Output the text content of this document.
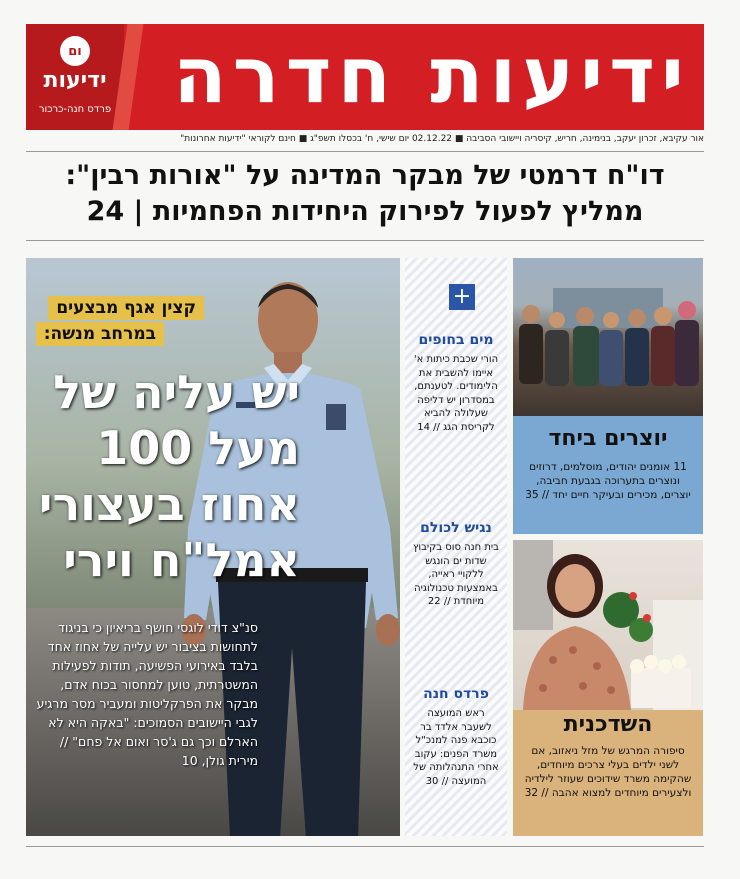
ום
ידיעות
פרדס חנה-כרכור ידיעות חדרה
אור עקיבא, זכרון יעקב, בנימינה, חריש, קיסריה ויישובי הסביבה ■ 02.12.22 יום שישי, ח' בכסלו תשפ"ג ■ חינם לקוראי "ידיעות אחרונות"
דו"ח דרמטי של מבקר המדינה על "אורות רבין":
ממליץ לפעול לפירוק היחידות הפחמיות | 24
קצין אגף מבצעים
במרחב מנשה:
יש עליה של מעל 100 אחוז בעצורי אמל"ח וירי
סנ"צ דודי לוגסי חושף בריאיון כי בניגוד לתחושות בציבור יש עלייה של אחוז אחד בלבד באירועי הפשיעה, תודות לפעילות המשטרתית, טוען למחסור בכוח אדם, מבקר את הפרקליטות ומעביר מסר מרגיע לגבי היישובים הסמוכים: "באקה היא לא הארלם וכך גם ג'סר ואום אל פחם" // מירית גולן, 10
+
מים בחופים

הורי שכבת כיתות א' איימו להשבית את הלימודים. לטענתם, במסדרון יש דליפה שעלולה להביא לקריסת הגג // 14

נגיש לכולם

בית חנה סוס בקיבוץ שדות ים הונגש ללקויי ראייה, באמצעות טכנולוגיה מיוחדת // 22

פרדס חנה

ראש המועצה לשעבר אלדד בר כוכבא פנה למנכ"ל משרד הפנים: עקוב אחרי התנהלותה של המועצה // 30

יוצרים ביחד

11 אומנים יהודים, מוסלמים, דרוזים ונוצרים בתערוכה בגבעת חביבה, יוצרים, מכירים ובעיקר חיים יחד // 35

השדכנית

סיפורה המרגש של מזל ניאזוב, אם לשני ילדים בעלי צרכים מיוחדים, שהקימה משרד שידוכים שעוזר לילדיה ולצעירים מיוחדים למצוא אהבה // 32
